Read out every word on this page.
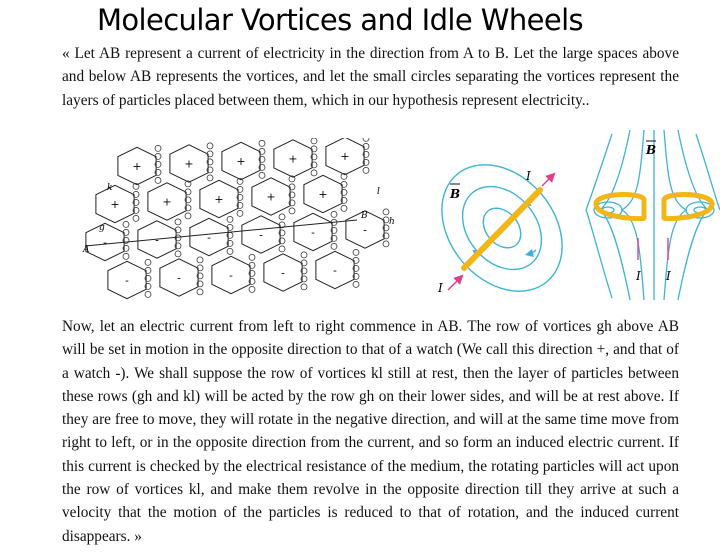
Molecular Vortices and Idle Wheels

« Let AB represent a current of electricity in the direction from A to B. Let the large spaces above and below AB represents the vortices, and let the small circles separating the vortices represent the layers of particles placed between them, which in our hypothesis represent electricity..

+	+	+	+	+
+	+	+	+	+
-	-	-	-	-	-
-	-	-	-	-
k	l
g
h
A
B
B
I
I
B
I I

Now, let an electric current from left to right commence in AB. The row of vortices gh above AB will be set in motion in the opposite direction to that of a watch (We call this direction +, and that of a watch -). We shall suppose the row of vortices kl still at rest, then the layer of particles between these rows (gh and kl) will be acted by the row gh on their lower sides, and will be at rest above. If they are free to move, they will rotate in the negative direction, and will at the same time move from right to left, or in the opposite direction from the current, and so form an induced electric current. If this current is checked by the electrical resistance of the medium, the rotating particles will act upon the row of vortices kl, and make them revolve in the opposite direction till they arrive at such a velocity that the motion of the particles is reduced to that of rotation, and the induced current disappears. »
